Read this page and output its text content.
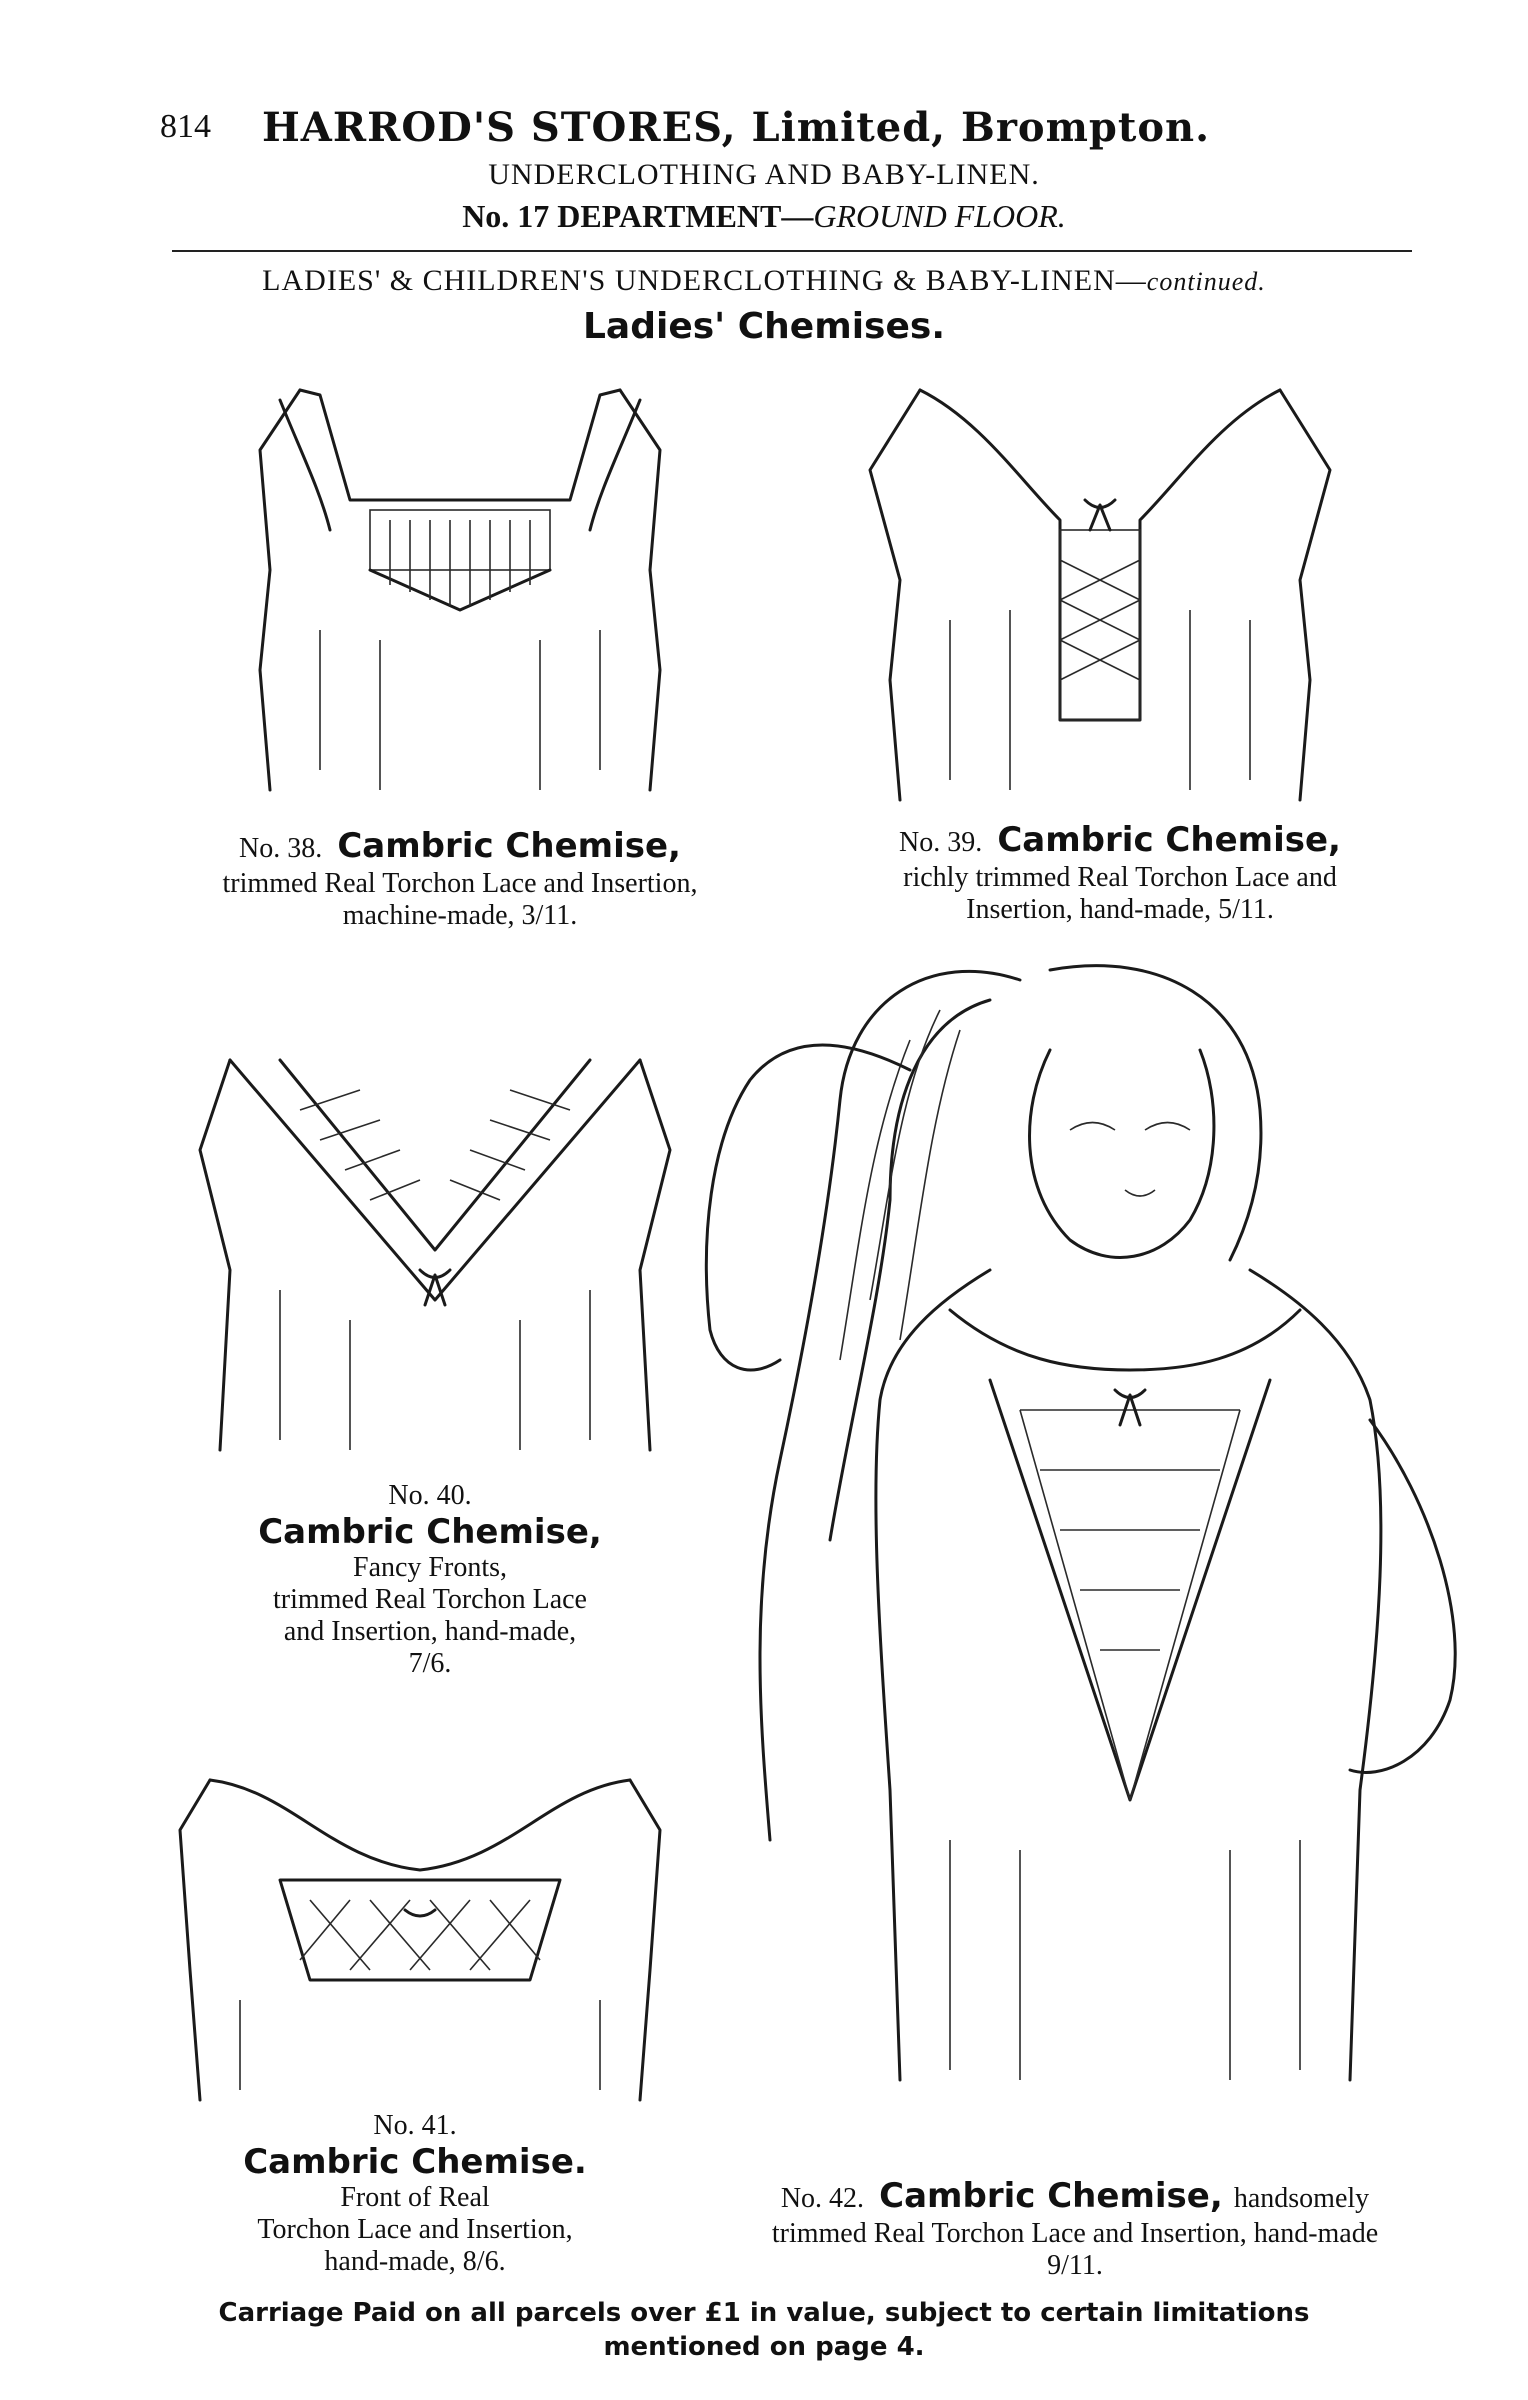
814 HARROD'S STORES, Limited, Brompton.
UNDERCLOTHING AND BABY-LINEN.
No. 17 DEPARTMENT—GROUND FLOOR.
LADIES' & CHILDREN'S UNDERCLOTHING & BABY-LINEN—continued.
Ladies' Chemises.
No. 38. Cambric Chemise,
trimmed Real Torchon Lace and Insertion,
machine-made, 3/11.
No. 39. Cambric Chemise,
richly trimmed Real Torchon Lace and
Insertion, hand-made, 5/11.
No. 40.
Cambric Chemise,
Fancy Fronts,
trimmed Real Torchon Lace
and Insertion, hand-made,
7/6.
No. 41.
Cambric Chemise.
Front of Real
Torchon Lace and Insertion,
hand-made, 8/6.
No. 42. Cambric Chemise, handsomely
trimmed Real Torchon Lace and Insertion, hand-made
9/11.
Carriage Paid on all parcels over £1 in value, subject to certain limitations
mentioned on page 4.
